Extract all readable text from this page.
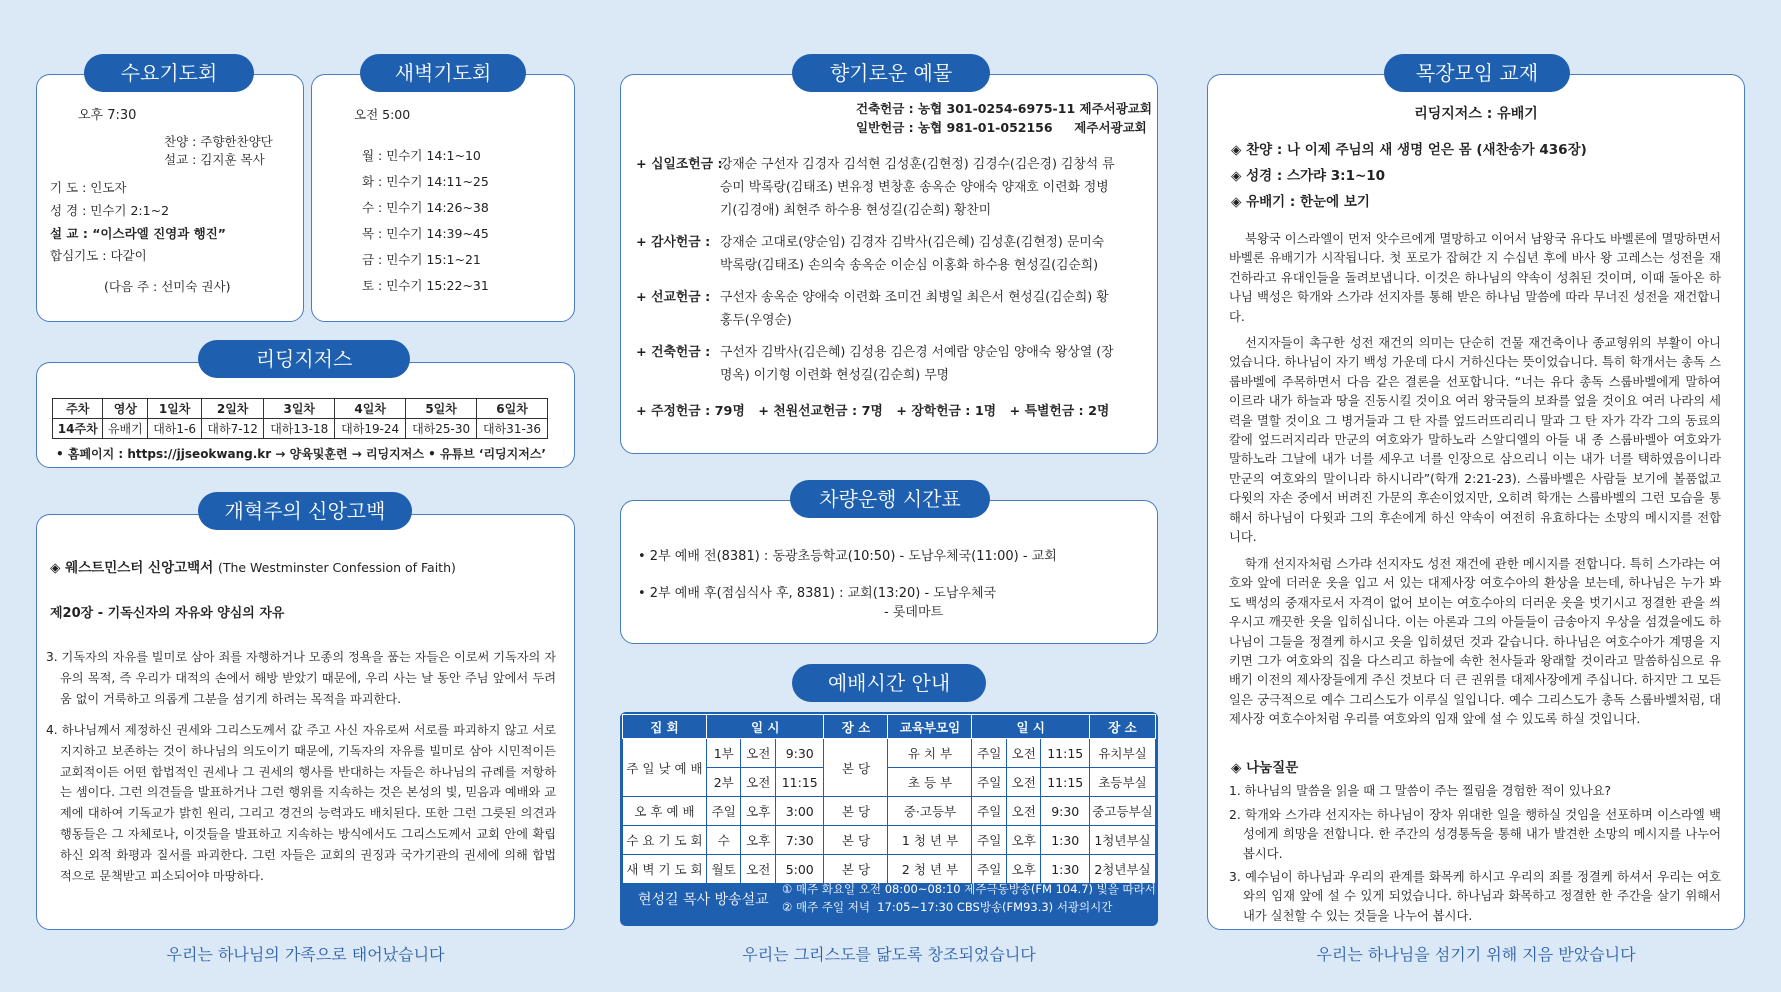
수요기도회
오후 7:30
찬양 : 주향한찬양단
설교 : 김지훈 목사
기 도 : 인도자
성 경 : 민수기 2:1~2
설 교 : “이스라엘 진영과 행진”
합심기도 : 다같이
(다음 주 : 선미숙 권사)
새벽기도회
오전 5:00
월 : 민수기 14:1~10
화 : 민수기 14:11~25
수 : 민수기 14:26~38
목 : 민수기 14:39~45
금 : 민수기 15:1~21
토 : 민수기 15:22~31
리딩지저스
주차	영상	1일차	2일차	3일차	4일차	5일차	6일차
14주차	유배기	대하1-6	대하7-12	대하13-18	대하19-24	대하25-30	대하31-36
• 홈페이지 : https://jjseokwang.kr → 양육및훈련 → 리딩지저스 • 유튜브 ‘리딩지저스’
개혁주의 신앙고백
◈ 웨스트민스터 신앙고백서 (The Westminster Confession of Faith)
제20장 - 기독신자의 자유와 양심의 자유
3. 기독자의 자유를 빌미로 삼아 죄를 자행하거나 모종의 정욕을 품는 자들은 이로써 기독자의 자유의 목적, 즉 우리가 대적의 손에서 해방 받았기 때문에, 우리 사는 날 동안 주님 앞에서 두려움 없이 거룩하고 의롭게 그분을 섬기게 하려는 목적을 파괴한다.
4. 하나님께서 제정하신 권세와 그리스도께서 값 주고 사신 자유로써 서로를 파괴하지 않고 서로 지지하고 보존하는 것이 하나님의 의도이기 때문에, 기독자의 자유를 빌미로 삼아 시민적이든 교회적이든 어떤 합법적인 권세나 그 권세의 행사를 반대하는 자들은 하나님의 규례를 저항하는 셈이다. 그런 의견들을 발표하거나 그런 행위를 지속하는 것은 본성의 빛, 믿음과 예배와 교제에 대하여 기독교가 밝힌 원리, 그리고 경건의 능력과도 배치된다. 또한 그런 그릇된 의견과 행동들은 그 자체로나, 이것들을 발표하고 지속하는 방식에서도 그리스도께서 교회 안에 확립하신 외적 화평과 질서를 파괴한다. 그런 자들은 교회의 권징과 국가기관의 권세에 의해 합법적으로 문책받고 피소되어야 마땅하다.
우리는 하나님의 가족으로 태어났습니다
향기로운 예물
건축헌금 : 농협 301-0254-6975-11 제주서광교회
일반헌금 : 농협 981-01-052156     제주서광교회
+ 십일조헌금 :
강재순 구선자 김경자 김석현 김성훈(김현정) 김경수(김은경) 김창석 류승미 박록랑(김태조) 변유정 변창훈 송옥순 양애숙 양재호 이련화 정병기(김경애) 최현주 하수용 현성길(김순희) 황찬미
+ 감사헌금 : 강재순 고대로(양순임) 김경자 김박사(김은혜) 김성훈(김현정) 문미숙 박록랑(김태조) 손의숙 송옥순 이순심 이홍화 하수용 현성길(김순희)
+ 선교헌금 : 구선자 송옥순 양애숙 이련화 조미건 최병일 최은서 현성길(김순희) 황홍두(우영순)
+ 건축헌금 : 구선자 김박사(김은혜) 김성용 김은경 서예람 양순임 양애숙 왕상열 (장명옥) 이기형 이련화 현성길(김순희) 무명
+ 주정헌금 : 79명   + 천원선교헌금 : 7명   + 장학헌금 : 1명   + 특별헌금 : 2명
차량운행 시간표
• 2부 예배 전(8381) : 동광초등학교(10:50) - 도남우체국(11:00) - 교회
• 2부 예배 후(점심식사 후, 8381) : 교회(13:20) - 도남우체국
- 롯데마트
예배시간 안내
집 회	일 시			장 소	교육부모임	일 시			장 소
주 일 낮 예 배	1부	오전	9:30	본 당	유 치 부	주일	오전	11:15	유치부실
	2부	오전	11:15		초 등 부	주일	오전	11:15	초등부실
오 후 예 배	주일	오후	3:00	본 당	중·고등부	주일	오전	9:30	중고등부실
수 요 기 도 회	수	오후	7:30	본 당	1 청 년 부	주일	오후	1:30	1청년부실
새 벽 기 도 회	월토	오전	5:00	본 당	2 청 년 부	주일	오후	1:30	2청년부실
현성길 목사 방송설교
① 매주 화요일 오전 08:00~08:10 제주극동방송(FM 104.7) 빛을 따라서
② 매주 주일 저녁  17:05~17:30 CBS방송(FM93.3) 서광의시간
우리는 그리스도를 닮도록 창조되었습니다
목장모임 교재
리딩지저스 : 유배기
◈ 찬양 : 나 이제 주님의 새 생명 얻은 몸 (새찬송가 436장)
◈ 성경 : 스가랴 3:1~10
◈ 유배기 : 한눈에 보기
북왕국 이스라엘이 먼저 앗수르에게 멸망하고 이어서 남왕국 유다도 바벨론에 멸망하면서 바벨론 유배기가 시작됩니다. 첫 포로가 잡혀간 지 수십년 후에 바사 왕 고레스는 성전을 재건하라고 유대인들을 돌려보냅니다. 이것은 하나님의 약속이 성취된 것이며, 이때 돌아온 하나님 백성은 학개와 스가랴 선지자를 통해 받은 하나님 말씀에 따라 무너진 성전을 재건합니다.
선지자들이 촉구한 성전 재건의 의미는 단순히 건물 재건축이나 종교형위의 부활이 아니었습니다. 하나님이 자기 백성 가운데 다시 거하신다는 뜻이었습니다. 특히 학개서는 총독 스룹바벨에 주목하면서 다음 같은 결론을 선포합니다. “너는 유다 총독 스룹바벨에게 말하여 이르라 내가 하늘과 땅을 진동시킬 것이요 여러 왕국들의 보좌를 엎을 것이요 여러 나라의 세력을 멸할 것이요 그 병거들과 그 탄 자를 엎드러뜨리리니 말과 그 탄 자가 각각 그의 동료의 칼에 엎드러지리라 만군의 여호와가 말하노라 스알디엘의 아들 내 종 스룹바벨아 여호와가 말하노라 그날에 내가 너를 세우고 너를 인장으로 삼으리니 이는 내가 너를 택하였음이니라 만군의 여호와의 말이니라 하시니라”(학개 2:21-23). 스룹바벨은 사람들 보기에 볼품없고 다윗의 자손 중에서 버려진 가문의 후손이었지만, 오히려 학개는 스룹바벨의 그런 모습을 통해서 하나님이 다윗과 그의 후손에게 하신 약속이 여전히 유효하다는 소망의 메시지를 전합니다.
학개 선지자처럼 스가랴 선지자도 성전 재건에 관한 메시지를 전합니다. 특히 스가랴는 여호와 앞에 더러운 옷을 입고 서 있는 대제사장 여호수아의 환상을 보는데, 하나님은 누가 봐도 백성의 중재자로서 자격이 없어 보이는 여호수아의 더러운 옷을 벗기시고 정결한 관을 씌우시고 깨끗한 옷을 입히십니다. 이는 아론과 그의 아들들이 금송아지 우상을 섬겼을에도 하나님이 그들을 정결케 하시고 옷을 입히셨던 것과 같습니다. 하나님은 여호수아가 계명을 지키면 그가 여호와의 집을 다스리고 하늘에 속한 천사들과 왕래할 것이라고 말씀하심으로 유배기 이전의 제사장들에게 주신 것보다 더 큰 권위를 대제사장에게 주십니다. 하지만 그 모든 일은 궁극적으로 예수 그리스도가 이루실 일입니다. 예수 그리스도가 총독 스룹바벨처럼, 대제사장 여호수아처럼 우리를 여호와의 임재 앞에 설 수 있도록 하실 것입니다.
◈ 나눔질문
1. 하나님의 말씀을 읽을 때 그 말씀이 주는 찔림을 경험한 적이 있나요?
2. 학개와 스가랴 선지자는 하나님이 장차 위대한 일을 행하실 것임을 선포하며 이스라엘 백성에게 희망을 전합니다. 한 주간의 성경통독을 통해 내가 발견한 소망의 메시지를 나누어 봅시다.
3. 예수님이 하나님과 우리의 관계를 화목케 하시고 우리의 죄를 정결케 하셔서 우리는 여호와의 임재 앞에 설 수 있게 되었습니다. 하나님과 화목하고 정결한 한 주간을 살기 위해서 내가 실천할 수 있는 것들을 나누어 봅시다.
우리는 하나님을 섬기기 위해 지음 받았습니다
